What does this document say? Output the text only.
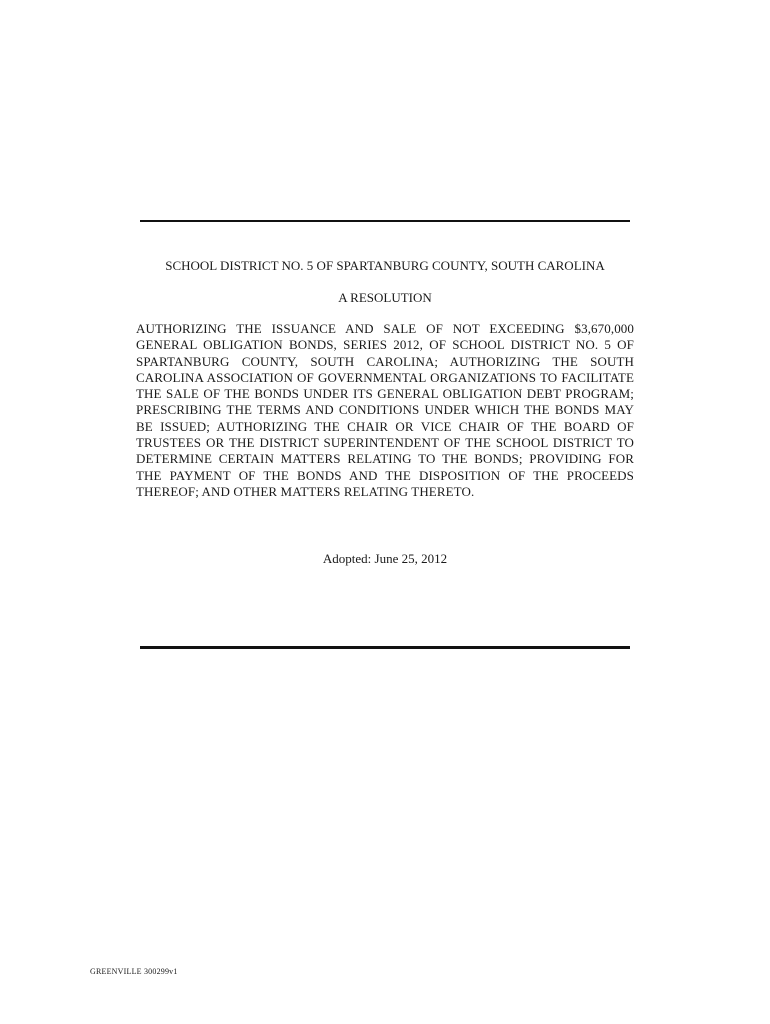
SCHOOL DISTRICT NO. 5 OF SPARTANBURG COUNTY, SOUTH CAROLINA
A RESOLUTION
AUTHORIZING THE ISSUANCE AND SALE OF NOT EXCEEDING $3,670,000 GENERAL OBLIGATION BONDS, SERIES 2012, OF SCHOOL DISTRICT NO. 5 OF SPARTANBURG COUNTY, SOUTH CAROLINA; AUTHORIZING THE SOUTH CAROLINA ASSOCIATION OF GOVERNMENTAL ORGANIZATIONS TO FACILITATE THE SALE OF THE BONDS UNDER ITS GENERAL OBLIGATION DEBT PROGRAM; PRESCRIBING THE TERMS AND CONDITIONS UNDER WHICH THE BONDS MAY BE ISSUED; AUTHORIZING THE CHAIR OR VICE CHAIR OF THE BOARD OF TRUSTEES OR THE DISTRICT SUPERINTENDENT OF THE SCHOOL DISTRICT TO DETERMINE CERTAIN MATTERS RELATING TO THE BONDS; PROVIDING FOR THE PAYMENT OF THE BONDS AND THE DISPOSITION OF THE PROCEEDS THEREOF; AND OTHER MATTERS RELATING THERETO.
Adopted: June 25, 2012
GREENVILLE 300299v1
